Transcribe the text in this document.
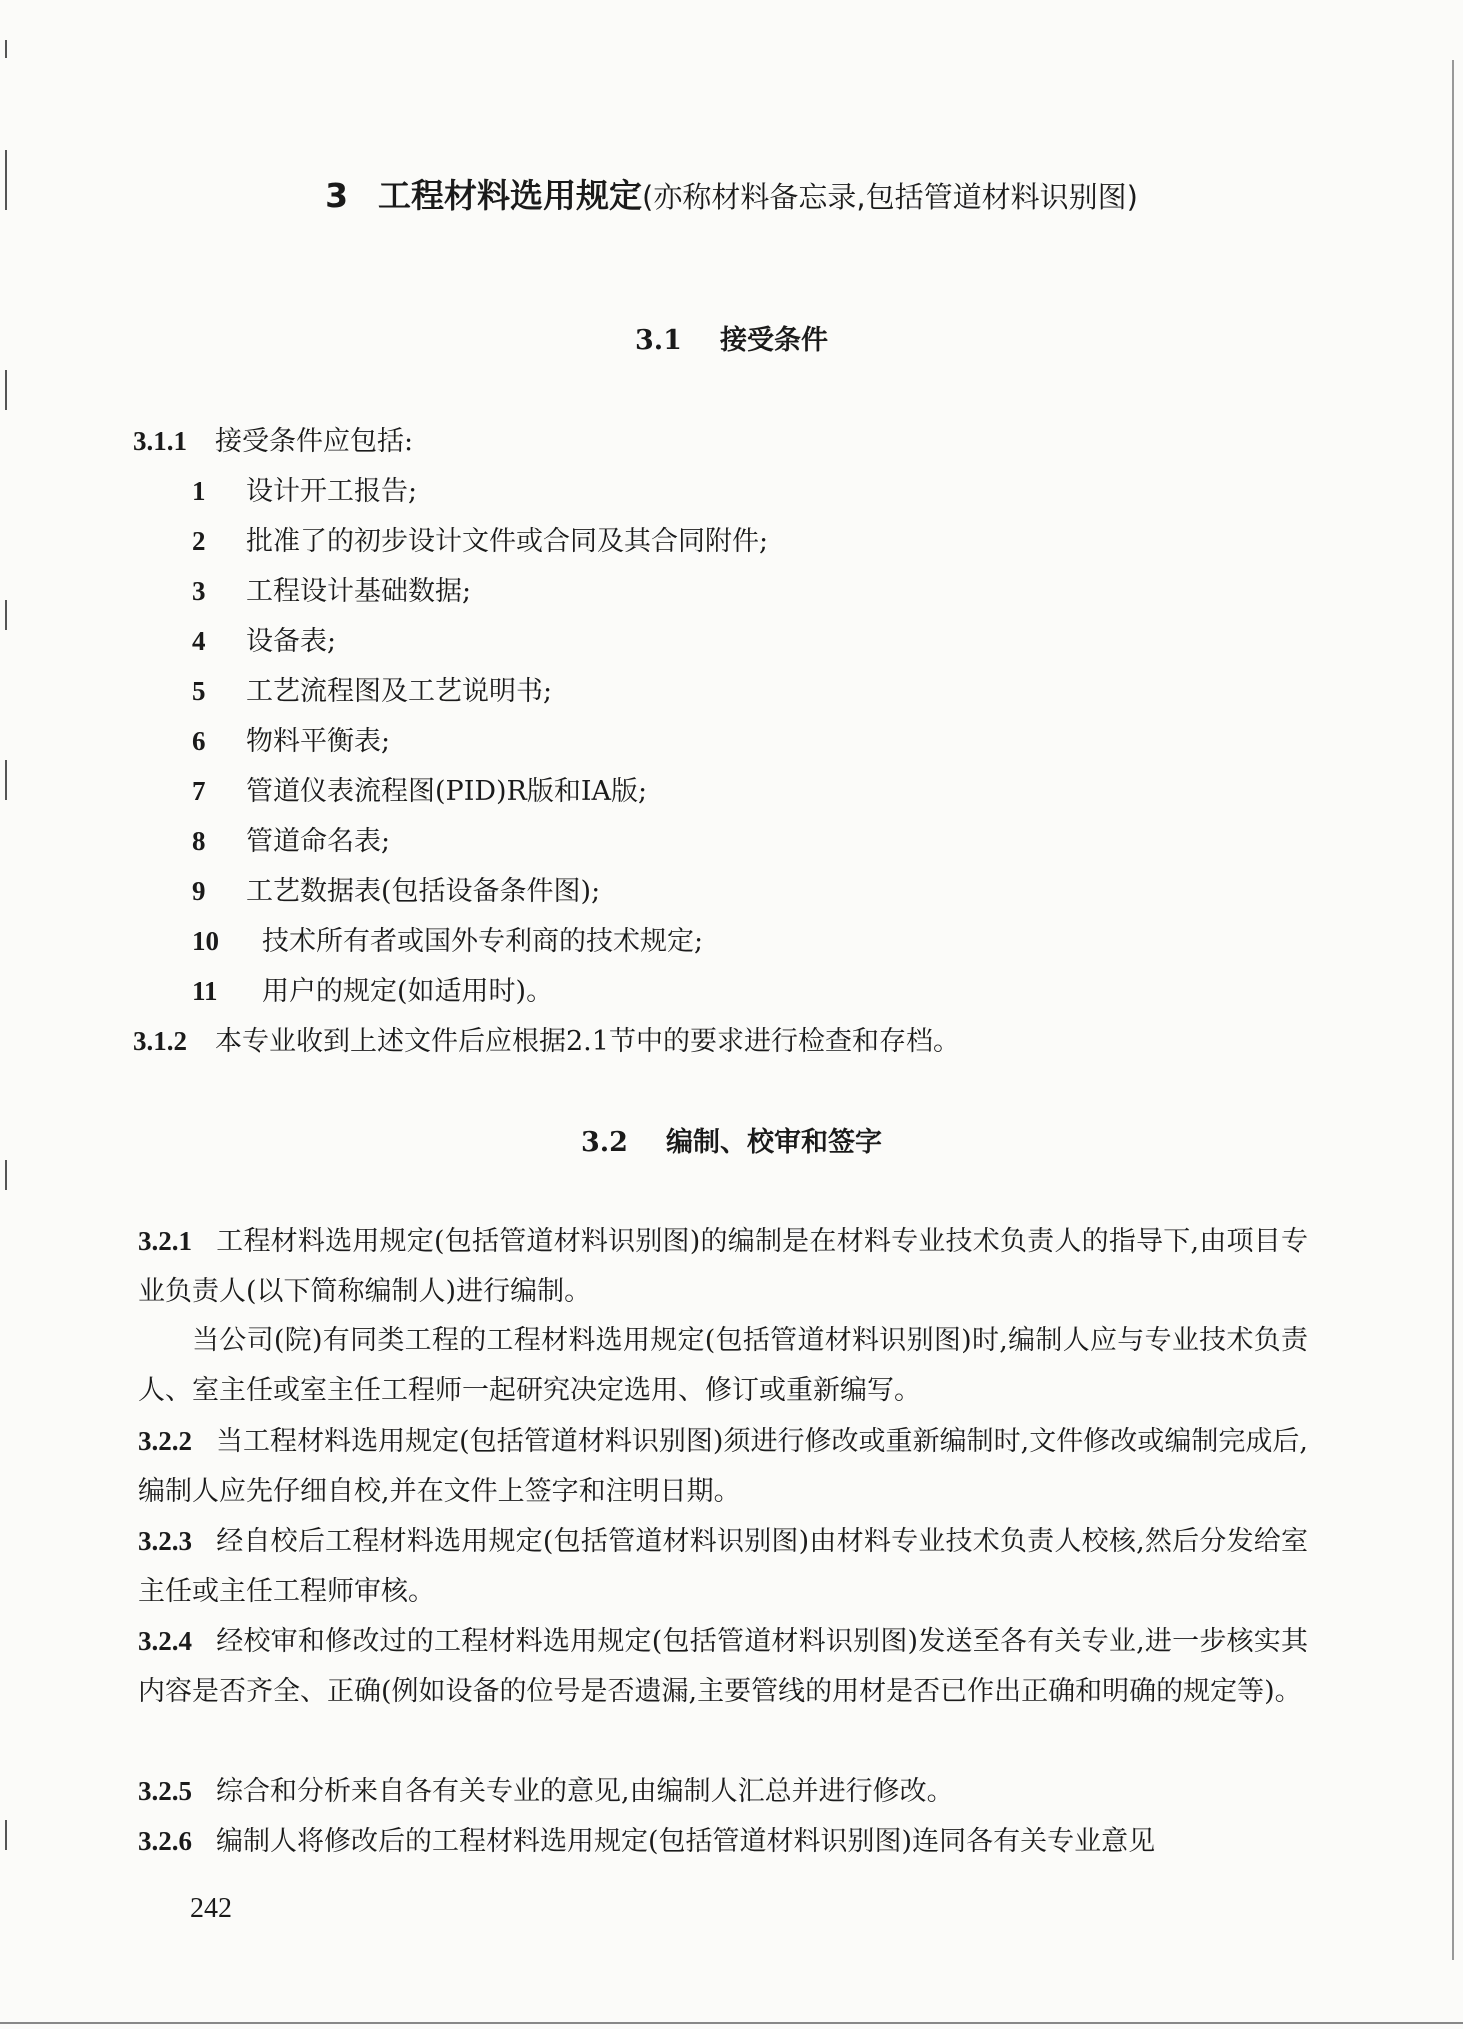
3 工程材料选用规定(亦称材料备忘录,包括管道材料识别图)
3.1 接受条件
3.1.1 接受条件应包括:
1 设计开工报告;
2 批准了的初步设计文件或合同及其合同附件;
3 工程设计基础数据;
4 设备表;
5 工艺流程图及工艺说明书;
6 物料平衡表;
7 管道仪表流程图(PID)R版和IA版;
8 管道命名表;
9 工艺数据表(包括设备条件图);
10 技术所有者或国外专利商的技术规定;
11 用户的规定(如适用时)。
3.1.2 本专业收到上述文件后应根据2.1节中的要求进行检查和存档。
3.2 编制、校审和签字
3.2.1 工程材料选用规定(包括管道材料识别图)的编制是在材料专业技术负责人的指导下,由项目专业负责人(以下简称编制人)进行编制。
当公司(院)有同类工程的工程材料选用规定(包括管道材料识别图)时,编制人应与专业技术负责人、室主任或室主任工程师一起研究决定选用、修订或重新编写。
3.2.2 当工程材料选用规定(包括管道材料识别图)须进行修改或重新编制时,文件修改或编制完成后,编制人应先仔细自校,并在文件上签字和注明日期。
3.2.3 经自校后工程材料选用规定(包括管道材料识别图)由材料专业技术负责人校核,然后分发给室主任或主任工程师审核。
3.2.4 经校审和修改过的工程材料选用规定(包括管道材料识别图)发送至各有关专业,进一步核实其内容是否齐全、正确(例如设备的位号是否遗漏,主要管线的用材是否已作出正确和明确的规定等)。
3.2.5 综合和分析来自各有关专业的意见,由编制人汇总并进行修改。
3.2.6 编制人将修改后的工程材料选用规定(包括管道材料识别图)连同各有关专业意见
242
